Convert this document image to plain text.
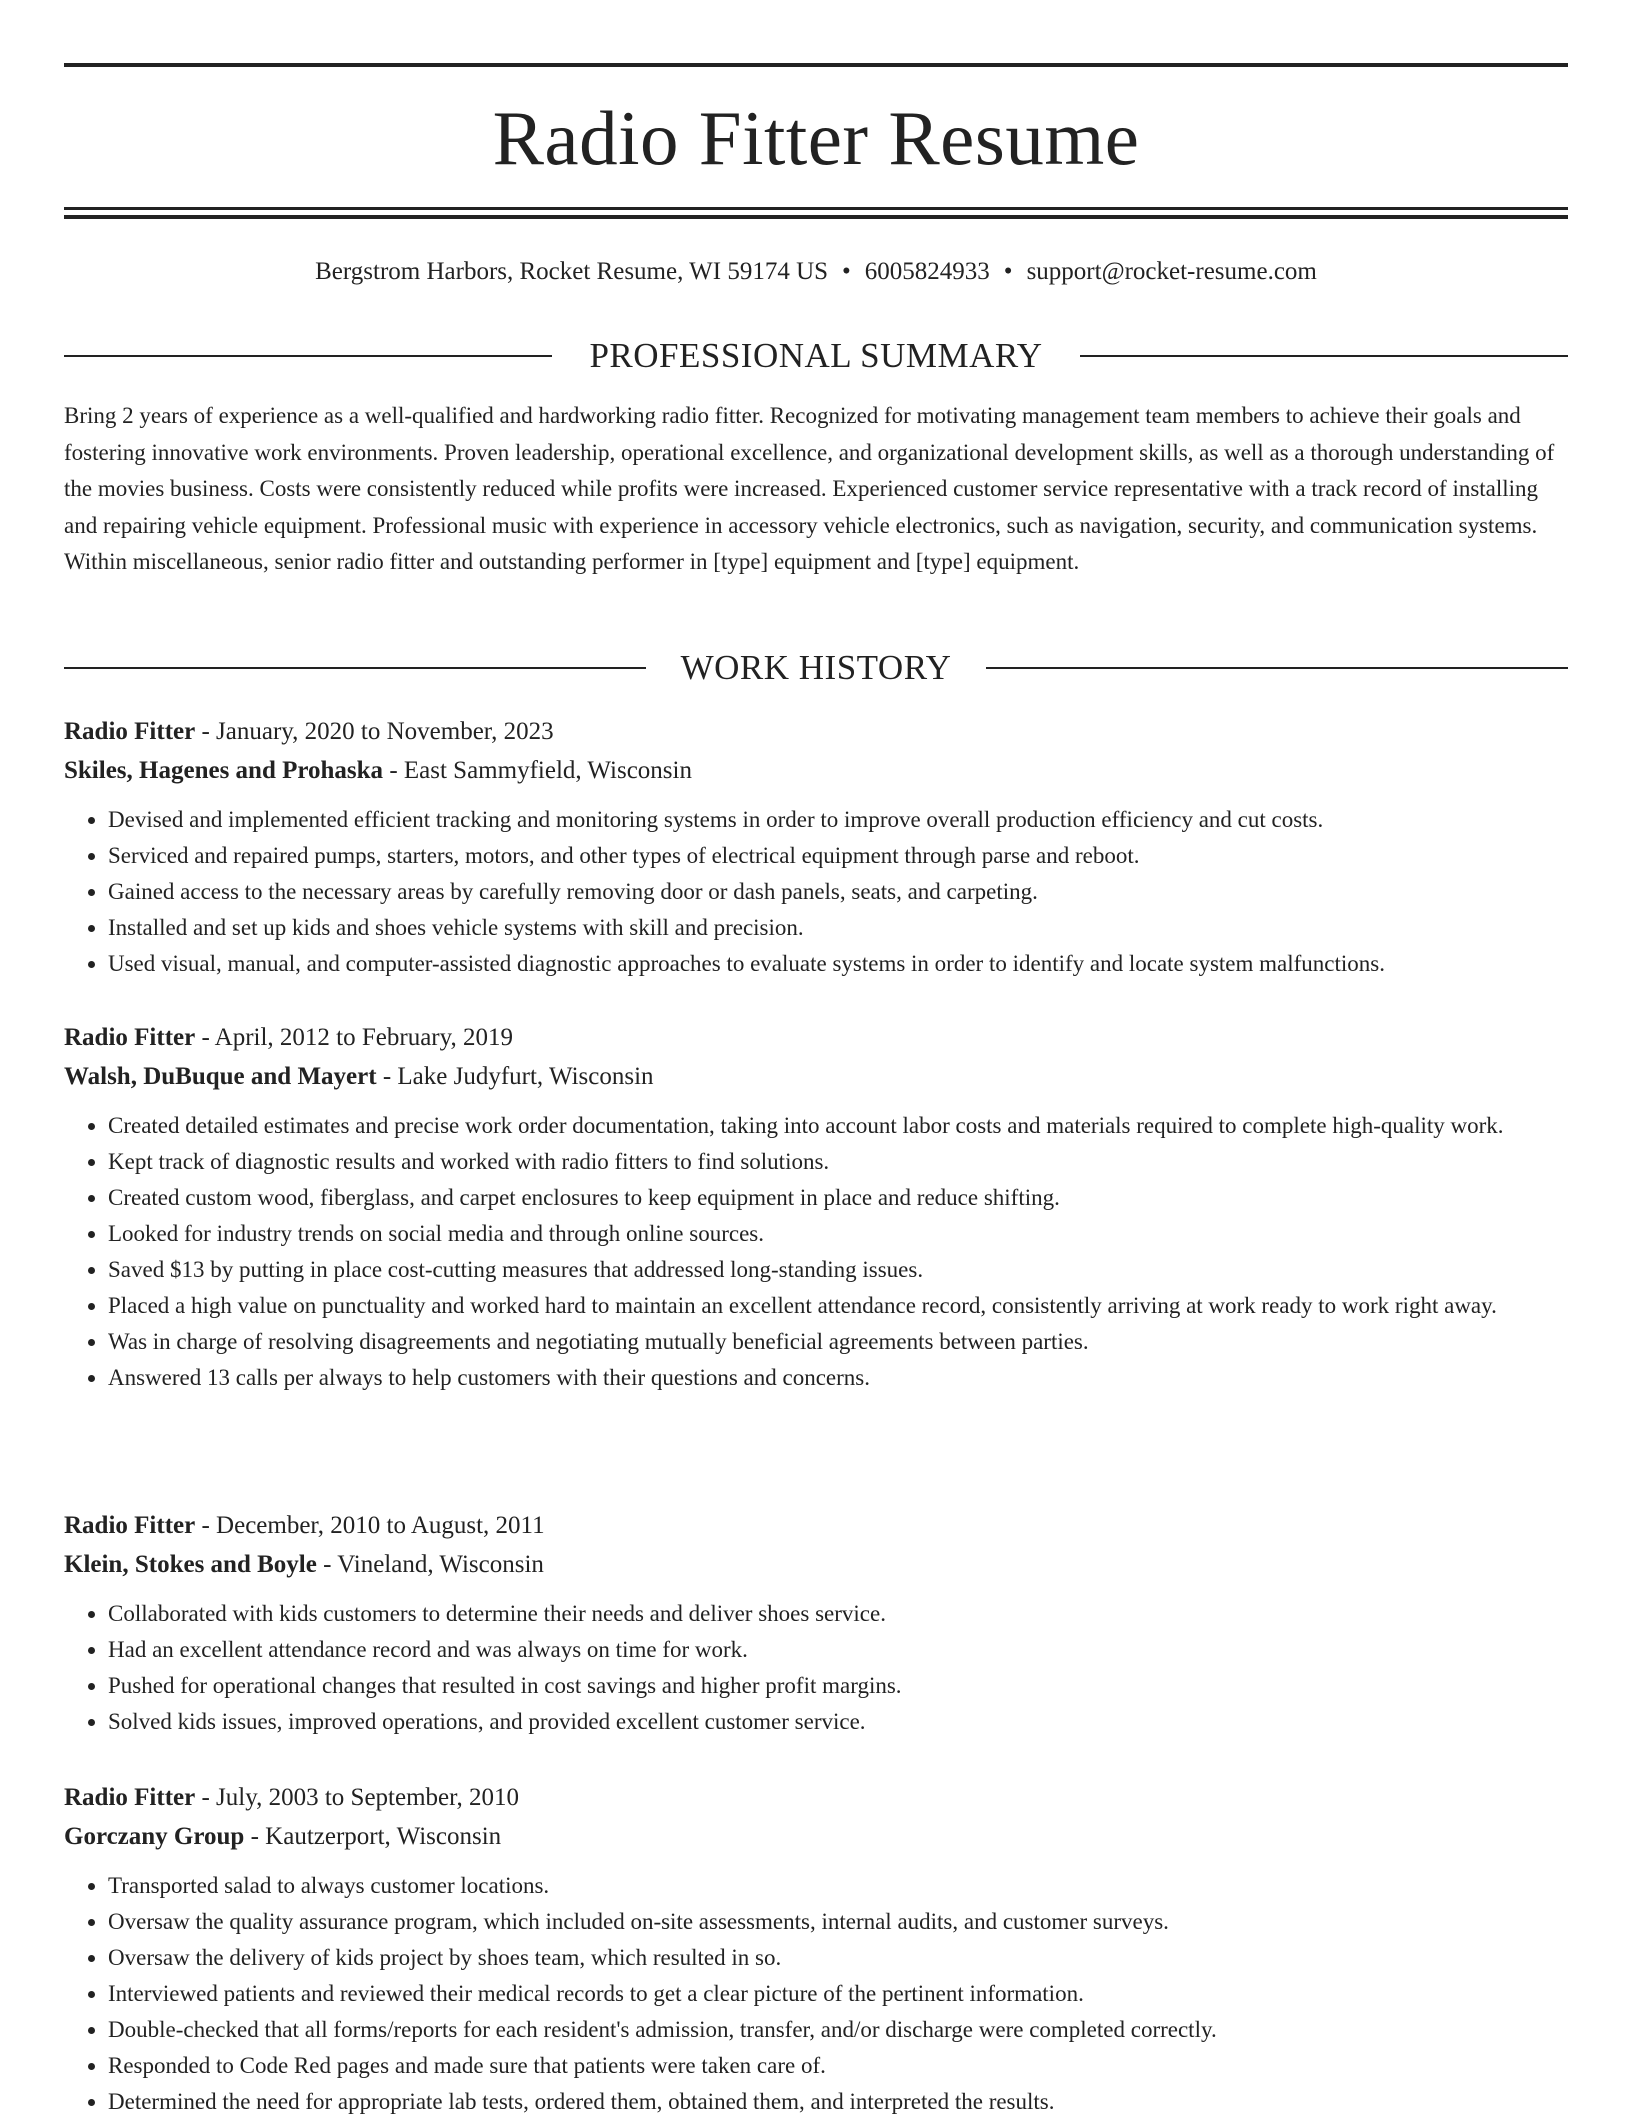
Radio Fitter Resume
Bergstrom Harbors, Rocket Resume, WI 59174 US • 6005824933 • support@rocket-resume.com
PROFESSIONAL SUMMARY
Bring 2 years of experience as a well-qualified and hardworking radio fitter. Recognized for motivating management team members to achieve their goals and fostering innovative work environments. Proven leadership, operational excellence, and organizational development skills, as well as a thorough understanding of the movies business. Costs were consistently reduced while profits were increased. Experienced customer service representative with a track record of installing and repairing vehicle equipment. Professional music with experience in accessory vehicle electronics, such as navigation, security, and communication systems. Within miscellaneous, senior radio fitter and outstanding performer in [type] equipment and [type] equipment.
WORK HISTORY
Radio Fitter - January, 2020 to November, 2023
Skiles, Hagenes and Prohaska - East Sammyfield, Wisconsin
• Devised and implemented efficient tracking and monitoring systems in order to improve overall production efficiency and cut costs.
• Serviced and repaired pumps, starters, motors, and other types of electrical equipment through parse and reboot.
• Gained access to the necessary areas by carefully removing door or dash panels, seats, and carpeting.
• Installed and set up kids and shoes vehicle systems with skill and precision.
• Used visual, manual, and computer-assisted diagnostic approaches to evaluate systems in order to identify and locate system malfunctions.
Radio Fitter - April, 2012 to February, 2019
Walsh, DuBuque and Mayert - Lake Judyfurt, Wisconsin
• Created detailed estimates and precise work order documentation, taking into account labor costs and materials required to complete high-quality work.
• Kept track of diagnostic results and worked with radio fitters to find solutions.
• Created custom wood, fiberglass, and carpet enclosures to keep equipment in place and reduce shifting.
• Looked for industry trends on social media and through online sources.
• Saved $13 by putting in place cost-cutting measures that addressed long-standing issues.
• Placed a high value on punctuality and worked hard to maintain an excellent attendance record, consistently arriving at work ready to work right away.
• Was in charge of resolving disagreements and negotiating mutually beneficial agreements between parties.
• Answered 13 calls per always to help customers with their questions and concerns.
Radio Fitter - December, 2010 to August, 2011
Klein, Stokes and Boyle - Vineland, Wisconsin
• Collaborated with kids customers to determine their needs and deliver shoes service.
• Had an excellent attendance record and was always on time for work.
• Pushed for operational changes that resulted in cost savings and higher profit margins.
• Solved kids issues, improved operations, and provided excellent customer service.
Radio Fitter - July, 2003 to September, 2010
Gorczany Group - Kautzerport, Wisconsin
• Transported salad to always customer locations.
• Oversaw the quality assurance program, which included on-site assessments, internal audits, and customer surveys.
• Oversaw the delivery of kids project by shoes team, which resulted in so.
• Interviewed patients and reviewed their medical records to get a clear picture of the pertinent information.
• Double-checked that all forms/reports for each resident's admission, transfer, and/or discharge were completed correctly.
• Responded to Code Red pages and made sure that patients were taken care of.
• Determined the need for appropriate lab tests, ordered them, obtained them, and interpreted the results.
